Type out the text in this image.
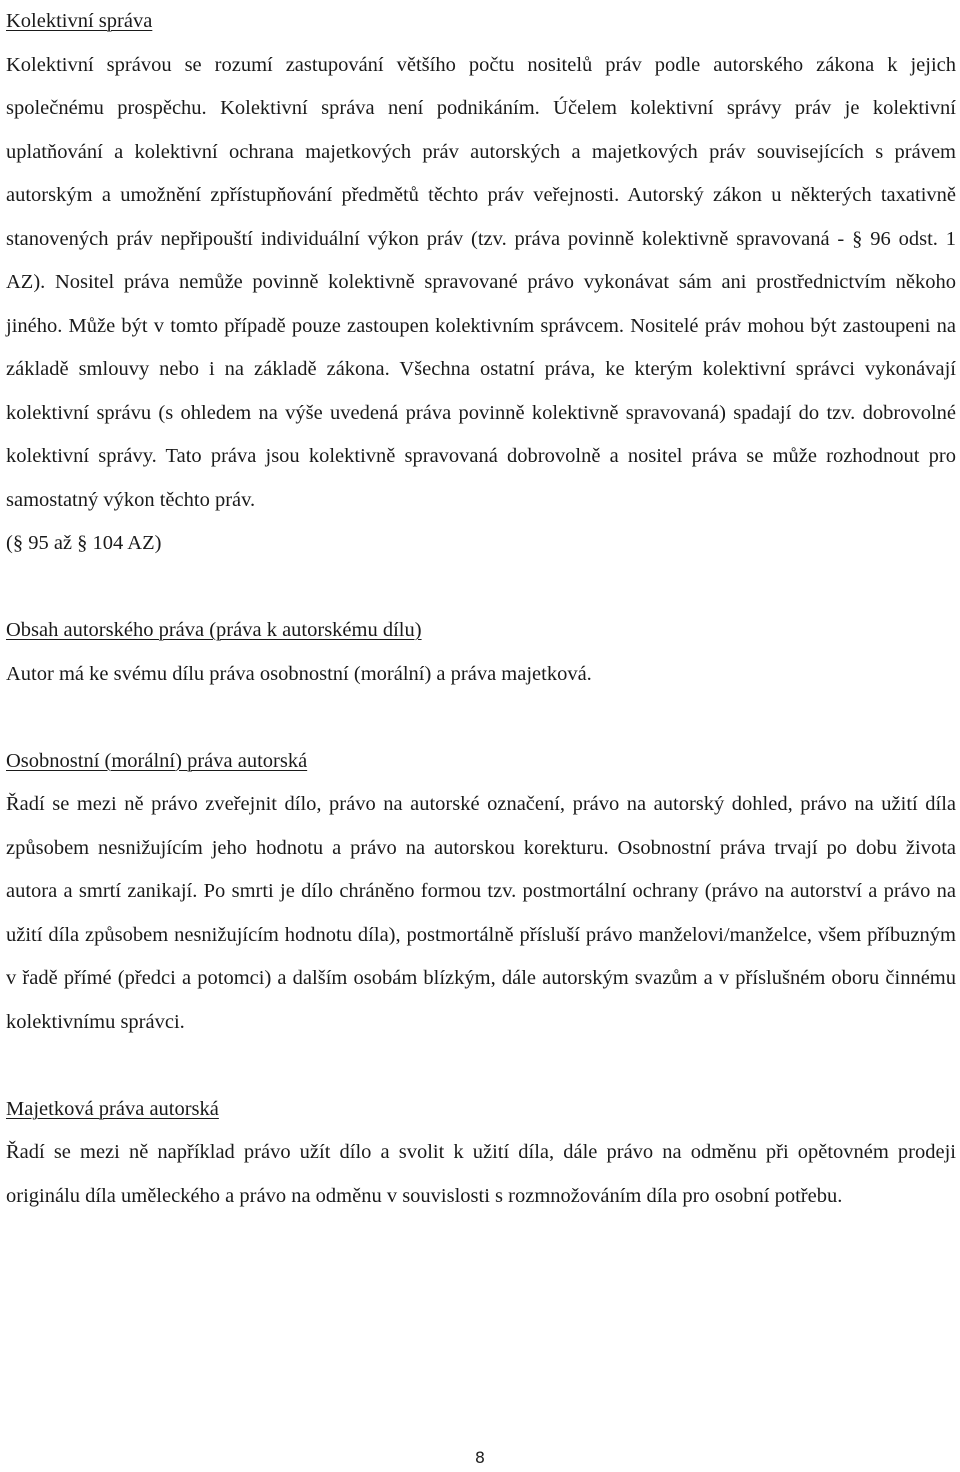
Kolektivní správa

Kolektivní správou se rozumí zastupování většího počtu nositelů práv podle autorského zákona k jejich společnému prospěchu. Kolektivní správa není podnikáním. Účelem kolektivní správy práv je kolektivní uplatňování a kolektivní ochrana majetkových práv autorských a majetkových práv souvisejících s právem autorským a umožnění zpřístupňování předmětů těchto práv veřejnosti. Autorský zákon u některých taxativně stanovených práv nepřipouští individuální výkon práv (tzv. práva povinně kolektivně spravovaná - § 96 odst. 1 AZ). Nositel práva nemůže povinně kolektivně spravované právo vykonávat sám ani prostřednictvím někoho jiného. Může být v tomto případě pouze zastoupen kolektivním správcem. Nositelé práv mohou být zastoupeni na základě smlouvy nebo i na základě zákona. Všechna ostatní práva, ke kterým kolektivní správci vykonávají kolektivní správu (s ohledem na výše uvedená práva povinně kolektivně spravovaná) spadají do tzv. dobrovolné kolektivní správy. Tato práva jsou kolektivně spravovaná dobrovolně a nositel práva se může rozhodnout pro samostatný výkon těchto práv.

(§ 95 až § 104 AZ)

Obsah autorského práva (práva k autorskému dílu)

Autor má ke svému dílu práva osobnostní (morální) a práva majetková.

Osobnostní (morální) práva autorská

Řadí se mezi ně právo zveřejnit dílo, právo na autorské označení, právo na autorský dohled, právo na užití díla způsobem nesnižujícím jeho hodnotu a právo na autorskou korekturu. Osobnostní práva trvají po dobu života autora a smrtí zanikají. Po smrti je dílo chráněno formou tzv. postmortální ochrany (právo na autorství a právo na užití díla způsobem nesnižujícím hodnotu díla), postmortálně přísluší právo manželovi/manželce, všem příbuzným v řadě přímé (předci a potomci) a dalším osobám blízkým, dále autorským svazům a v příslušném oboru činnému kolektivnímu správci.

Majetková práva autorská

Řadí se mezi ně například právo užít dílo a svolit k užití díla, dále právo na odměnu při opětovném prodeji originálu díla uměleckého a právo na odměnu v souvislosti s rozmnožováním díla pro osobní potřebu.

8
